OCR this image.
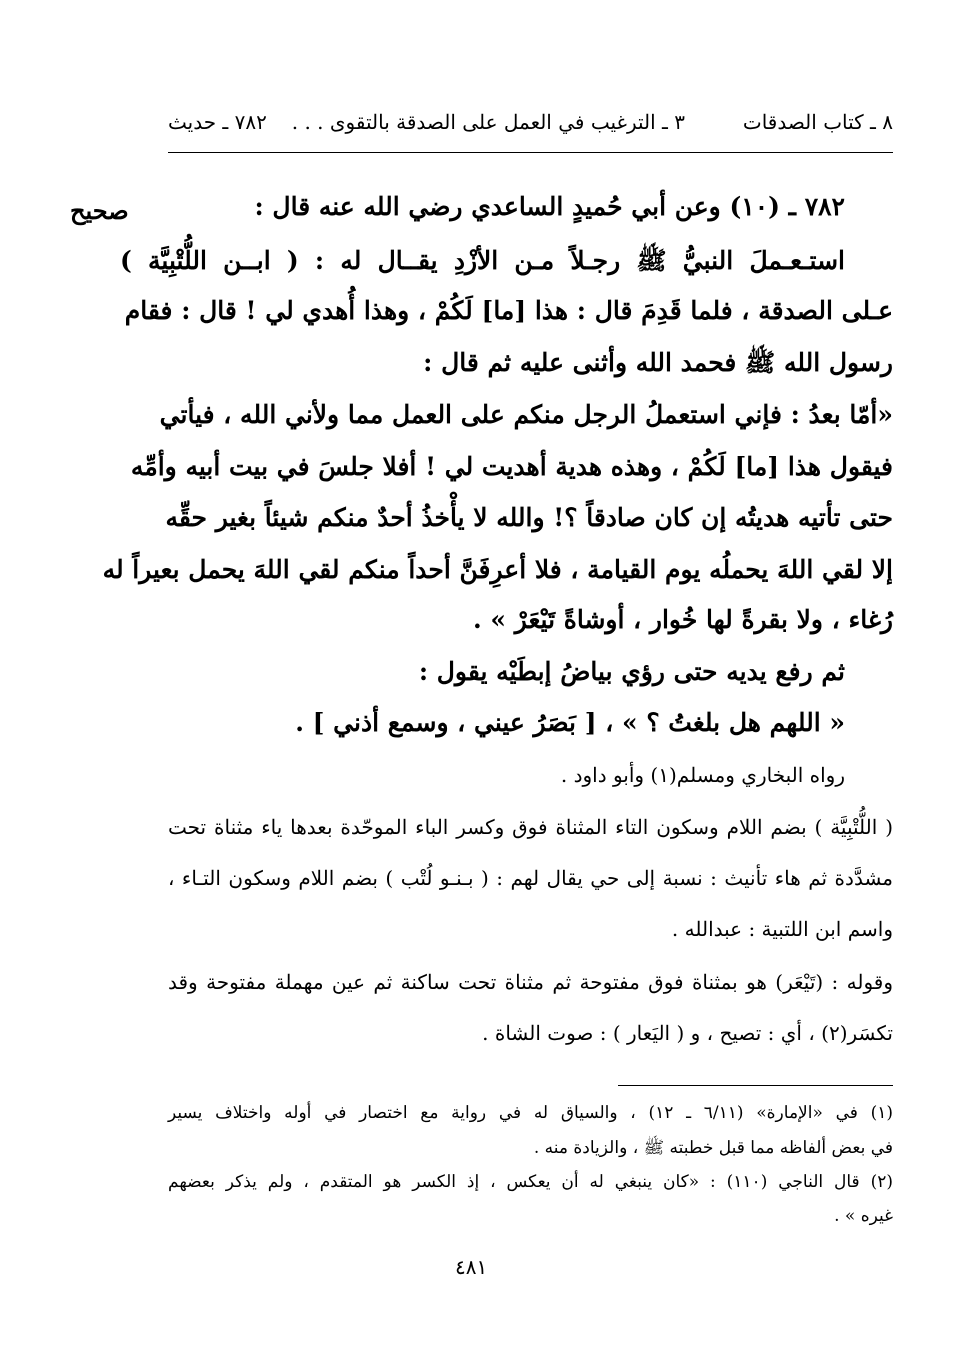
٨ ـ كتاب الصدقات
٣ ـ الترغيب في العمل على الصدقة بالتقوى . . .
٧٨٢ ـ حديث
صحيح	٧٨٢ ـ (١٠) وعن أبي حُميدٍ الساعدي رضي الله عنه قال :
استـعـملَ النبيُّ ﷺ رجـلاً مـن الأزْدِ يقــال له : ( ابــن اللُّتْبِيَّة )
عـلى الصدقة ، فلما قَدِمَ قال : هذا [ما] لَكُمْ ، وهذا أُهدي لي ! قال : فقام
رسول الله ﷺ فحمد الله وأثنى عليه ثم قال :
«أمّا بعدُ : فإني استعملُ الرجل منكم على العمل مما ولأني الله ، فيأتي
فيقول هذا [ما] لَكُمْ ، وهذه هدية أهديت لي ! أفلا جلسَ في بيت أبيه وأمِّه
حتى تأتيه هديتُه إن كان صادقاً ؟! والله لا يأْخذُ أحدٌ منكم شيئاً بغير حقِّه
إلا لقي اللهَ يحملُه يوم القيامة ، فلا أعرِفَنَّ أحداً منكم لقي اللهَ يحمل بعيراً له
رُغاء ، ولا بقرةً لها خُوار ، أوشاةً تَيْعَرْ » .
ثم رفع يديه حتى رؤي بياضُ إبطَيْه يقول :
« اللهم هل بلغتُ ؟ » ، [ بَصَرُ عيني ، وسمع أذني ] .
رواه البخاري ومسلم(١) وأبو داود .
( اللُّتْبِيَّة ) بضم اللام وسكون التاء المثناة فوق وكسر الباء الموحّدة بعدها ياء مثناة تحت
مشدَّدة ثم هاء تأنيث : نسبة إلى حي يقال لهم : ( بـنـو لُتْب ) بضم اللام وسكون التـاء ،
واسم ابن اللتبية : عبدالله .
وقوله : (تَيْعَر) هو بمثناة فوق مفتوحة ثم مثناة تحت ساكنة ثم عين مهملة مفتوحة وقد
تكسَر(٢) ، أي : تصيح ، و ( اليَعار ) : صوت الشاة .
(١) في «الإمارة» (٦/١١ ـ ١٢) ، والسياق له في رواية مع اختصار في أوله واختلاف يسير
في بعض ألفاظه مما قبل خطبته ﷺ ، والزيادة منه .
(٢) قال الناجي (١١٠) : «كان ينبغي له أن يعكس ، إذ الكسر هو المتقدم ، ولم يذكر بعضهم
غيره » .
٤٨١
